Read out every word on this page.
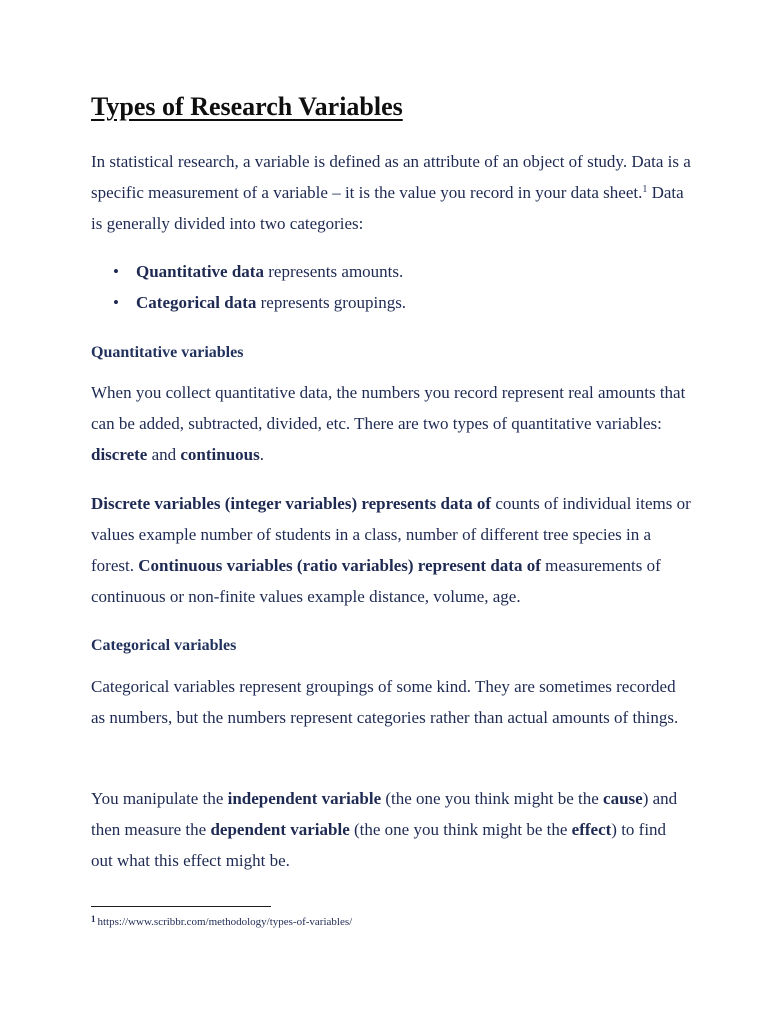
Types of Research Variables

In statistical research, a variable is defined as an attribute of an object of study. Data is a specific measurement of a variable – it is the value you record in your data sheet.$^1$ Data is generally divided into two categories:

• Quantitative data represents amounts.
• Categorical data represents groupings.
Quantitative variables

When you collect quantitative data, the numbers you record represent real amounts that can be added, subtracted, divided, etc. There are two types of quantitative variables: discrete and continuous.

Discrete variables (integer variables) represents data of counts of individual items or values example number of students in a class, number of different tree species in a forest. Continuous variables (ratio variables) represent data of measurements of continuous or non-finite values example distance, volume, age.

Categorical variables

Categorical variables represent groupings of some kind. They are sometimes recorded as numbers, but the numbers represent categories rather than actual amounts of things.

You manipulate the independent variable (the one you think might be the cause) and then measure the dependent variable (the one you think might be the effect) to find out what this effect might be.

$^1$ https://www.scribbr.com/methodology/types-of-variables/
